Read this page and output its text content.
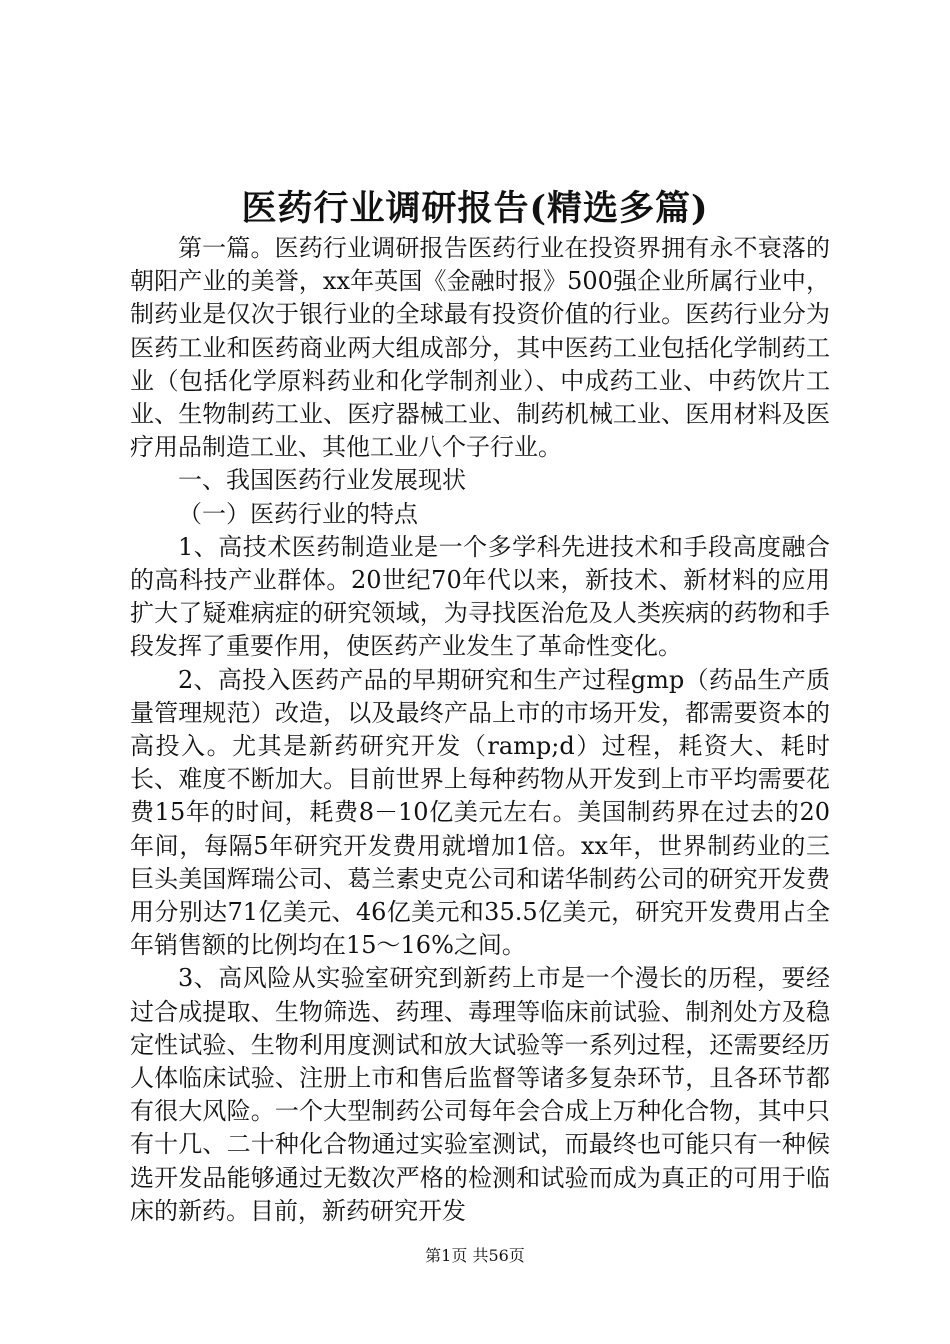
医药行业调研报告(精选多篇)

第一篇。医药行业调研报告医药行业在投资界拥有永不衰落的朝阳产业的美誉，xx年英国《金融时报》500强企业所属行业中，制药业是仅次于银行业的全球最有投资价值的行业。医药行业分为医药工业和医药商业两大组成部分，其中医药工业包括化学制药工业（包括化学原料药业和化学制剂业）、中成药工业、中药饮片工业、生物制药工业、医疗器械工业、制药机械工业、医用材料及医疗用品制造工业、其他工业八个子行业。

一、我国医药行业发展现状

（一）医药行业的特点

1、高技术医药制造业是一个多学科先进技术和手段高度融合的高科技产业群体。20世纪70年代以来，新技术、新材料的应用扩大了疑难病症的研究领域，为寻找医治危及人类疾病的药物和手段发挥了重要作用，使医药产业发生了革命性变化。

2、高投入医药产品的早期研究和生产过程gmp（药品生产质量管理规范）改造，以及最终产品上市的市场开发，都需要资本的高投入。尤其是新药研究开发（ramp;d）过程，耗资大、耗时长、难度不断加大。目前世界上每种药物从开发到上市平均需要花费15年的时间，耗费8－10亿美元左右。美国制药界在过去的20年间，每隔5年研究开发费用就增加1倍。xx年，世界制药业的三巨头美国辉瑞公司、葛兰素史克公司和诺华制药公司的研究开发费用分别达71亿美元、46亿美元和35.5亿美元，研究开发费用占全年销售额的比例均在15～16%之间。

3、高风险从实验室研究到新药上市是一个漫长的历程，要经过合成提取、生物筛选、药理、毒理等临床前试验、制剂处方及稳定性试验、生物利用度测试和放大试验等一系列过程，还需要经历人体临床试验、注册上市和售后监督等诸多复杂环节，且各环节都有很大风险。一个大型制药公司每年会合成上万种化合物，其中只有十几、二十种化合物通过实验室测试，而最终也可能只有一种候选开发品能够通过无数次严格的检测和试验而成为真正的可用于临床的新药。目前，新药研究开发

第1页 共56页
